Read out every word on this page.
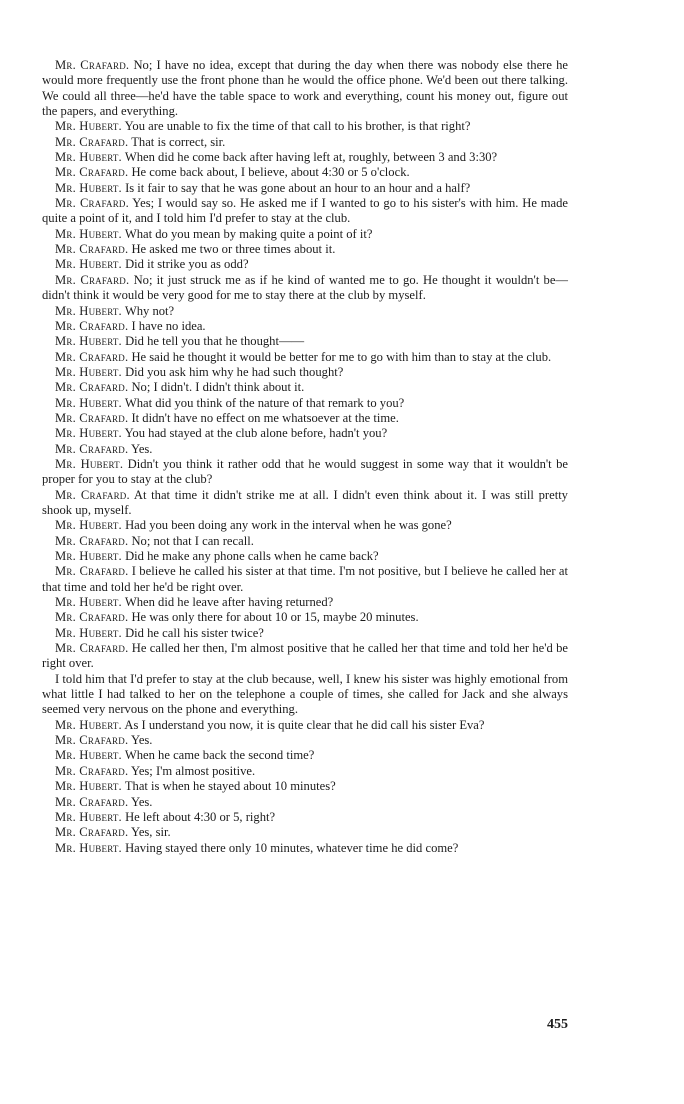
Mr. Crafard. No; I have no idea, except that during the day when there was nobody else there he would more frequently use the front phone than he would the office phone. We'd been out there talking. We could all three—he'd have the table space to work and everything, count his money out, figure out the papers, and everything.

Mr. Hubert. You are unable to fix the time of that call to his brother, is that right?

Mr. Crafard. That is correct, sir.

Mr. Hubert. When did he come back after having left at, roughly, between 3 and 3:30?

Mr. Crafard. He come back about, I believe, about 4:30 or 5 o'clock.

Mr. Hubert. Is it fair to say that he was gone about an hour to an hour and a half?

Mr. Crafard. Yes; I would say so. He asked me if I wanted to go to his sister's with him. He made quite a point of it, and I told him I'd prefer to stay at the club.

Mr. Hubert. What do you mean by making quite a point of it?

Mr. Crafard. He asked me two or three times about it.

Mr. Hubert. Did it strike you as odd?

Mr. Crafard. No; it just struck me as if he kind of wanted me to go. He thought it wouldn't be—didn't think it would be very good for me to stay there at the club by myself.

Mr. Hubert. Why not?

Mr. Crafard. I have no idea.

Mr. Hubert. Did he tell you that he thought——

Mr. Crafard. He said he thought it would be better for me to go with him than to stay at the club.

Mr. Hubert. Did you ask him why he had such thought?

Mr. Crafard. No; I didn't. I didn't think about it.

Mr. Hubert. What did you think of the nature of that remark to you?

Mr. Crafard. It didn't have no effect on me whatsoever at the time.

Mr. Hubert. You had stayed at the club alone before, hadn't you?

Mr. Crafard. Yes.

Mr. Hubert. Didn't you think it rather odd that he would suggest in some way that it wouldn't be proper for you to stay at the club?

Mr. Crafard. At that time it didn't strike me at all. I didn't even think about it. I was still pretty shook up, myself.

Mr. Hubert. Had you been doing any work in the interval when he was gone?

Mr. Crafard. No; not that I can recall.

Mr. Hubert. Did he make any phone calls when he came back?

Mr. Crafard. I believe he called his sister at that time. I'm not positive, but I believe he called her at that time and told her he'd be right over.

Mr. Hubert. When did he leave after having returned?

Mr. Crafard. He was only there for about 10 or 15, maybe 20 minutes.

Mr. Hubert. Did he call his sister twice?

Mr. Crafard. He called her then, I'm almost positive that he called her that time and told her he'd be right over.

I told him that I'd prefer to stay at the club because, well, I knew his sister was highly emotional from what little I had talked to her on the telephone a couple of times, she called for Jack and she always seemed very nervous on the phone and everything.

Mr. Hubert. As I understand you now, it is quite clear that he did call his sister Eva?

Mr. Crafard. Yes.

Mr. Hubert. When he came back the second time?

Mr. Crafard. Yes; I'm almost positive.

Mr. Hubert. That is when he stayed about 10 minutes?

Mr. Crafard. Yes.

Mr. Hubert. He left about 4:30 or 5, right?

Mr. Crafard. Yes, sir.

Mr. Hubert. Having stayed there only 10 minutes, whatever time he did come?

455
